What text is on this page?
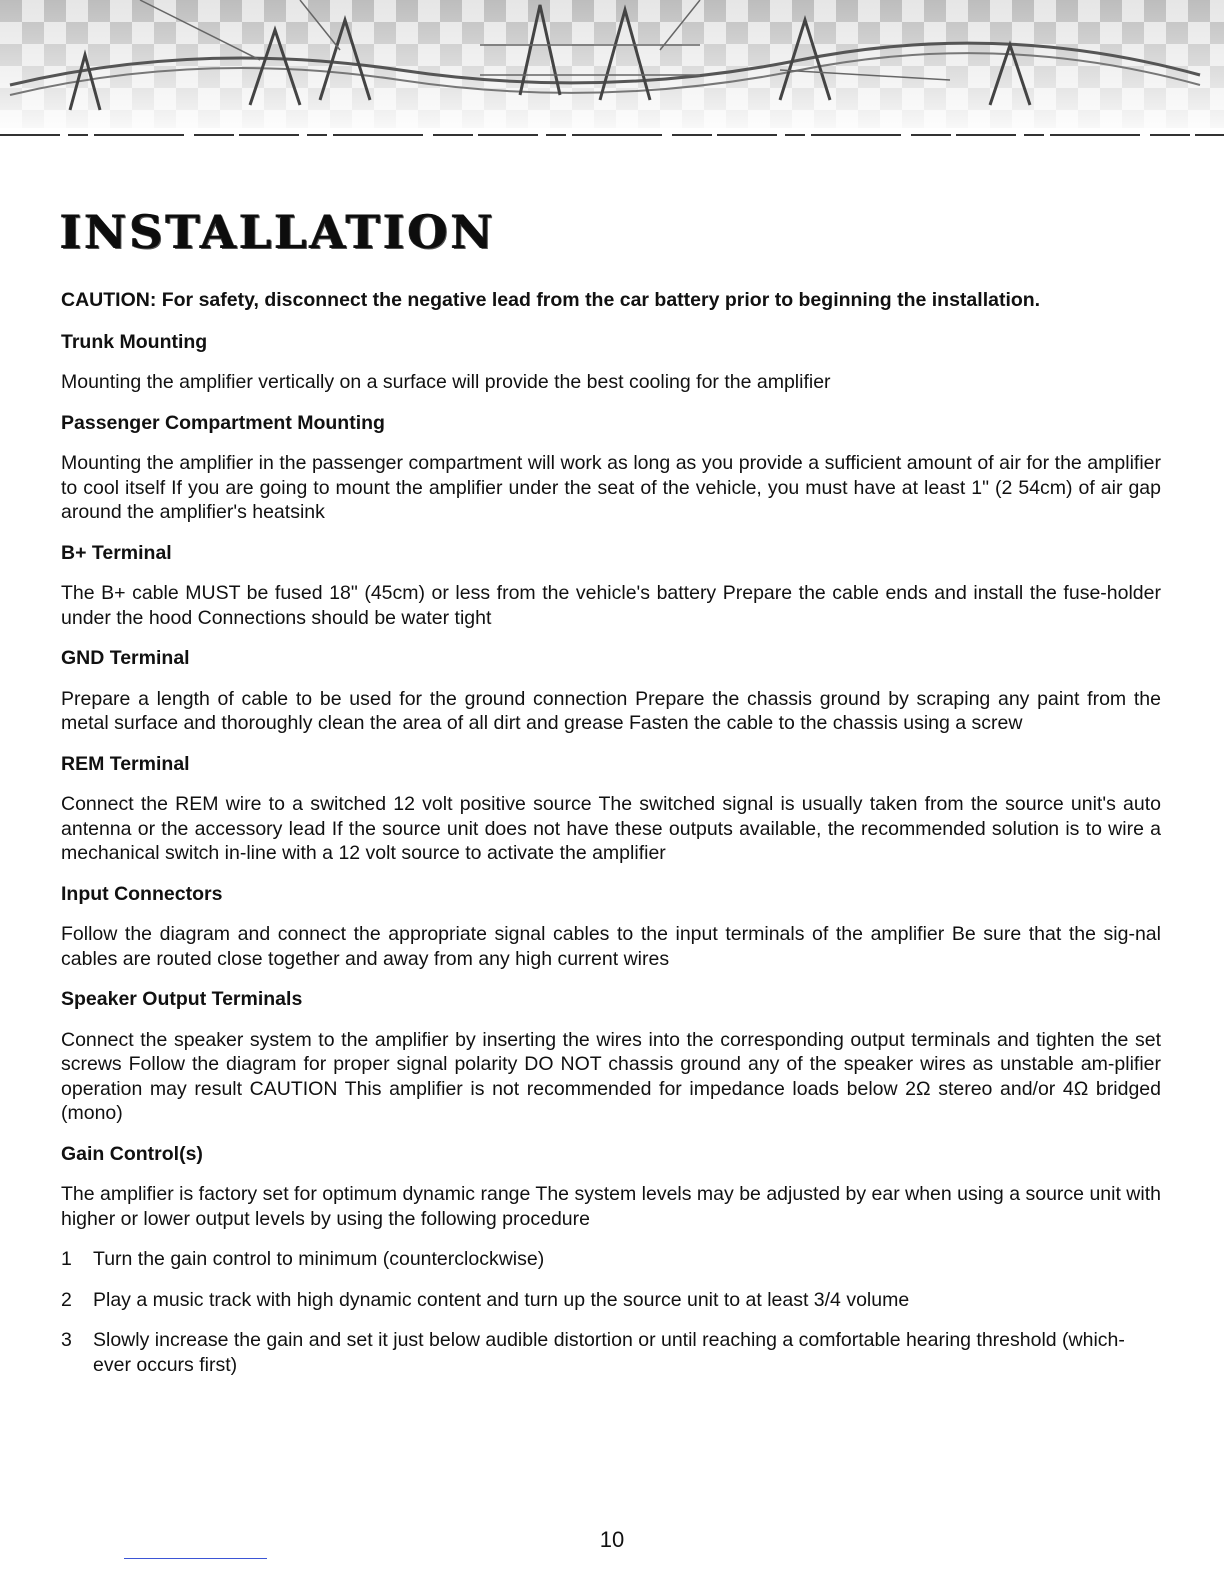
INSTALLATION

CAUTION: For safety, disconnect the negative lead from the car battery prior to beginning the installation.

Trunk Mounting

Mounting the amplifier vertically on a surface will provide the best cooling for the amplifier

Passenger Compartment Mounting

Mounting the amplifier in the passenger compartment will work as long as you provide a sufficient amount of air for the amplifier to cool itself If you are going to mount the amplifier under the seat of the vehicle, you must have at least 1" (2 54cm) of air gap around the amplifier's heatsink

B+ Terminal

The B+ cable MUST be fused 18" (45cm) or less from the vehicle's battery Prepare the cable ends and install the fuse-holder under the hood Connections should be water tight

GND Terminal

Prepare a length of cable to be used for the ground connection Prepare the chassis ground by scraping any paint from the metal surface and thoroughly clean the area of all dirt and grease Fasten the cable to the chassis using a screw

REM Terminal

Connect the REM wire to a switched 12 volt positive source The switched signal is usually taken from the source unit's auto antenna or the accessory lead If the source unit does not have these outputs available, the recommended solution is to wire a mechanical switch in-line with a 12 volt source to activate the amplifier

Input Connectors

Follow the diagram and connect the appropriate signal cables to the input terminals of the amplifier Be sure that the sig-nal cables are routed close together and away from any high current wires

Speaker Output Terminals

Connect the speaker system to the amplifier by inserting the wires into the corresponding output terminals and tighten the set screws Follow the diagram for proper signal polarity DO NOT chassis ground any of the speaker wires as unstable am-plifier operation may result CAUTION This amplifier is not recommended for impedance loads below 2Ω stereo and/or 4Ω bridged (mono)

Gain Control(s)

The amplifier is factory set for optimum dynamic range The system levels may be adjusted by ear when using a source unit with higher or lower output levels by using the following procedure

1	Turn the gain control to minimum (counterclockwise)
2	Play a music track with high dynamic content and turn up the source unit to at least 3/4 volume
3	Slowly increase the gain and set it just below audible distortion or until reaching a comfortable hearing threshold (which-ever occurs first)
10
